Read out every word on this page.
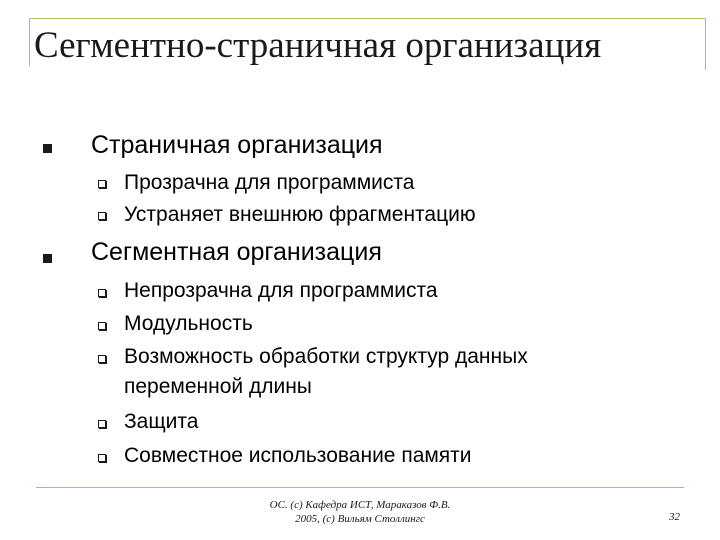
Сегментно-страничная организация
Страничная организация
Прозрачна для программиста
Устраняет внешнюю фрагментацию
Сегментная организация
Непрозрачна для программиста
Модульность
Возможность обработки структур данных
переменной длины
Защита
Совместное использование памяти
ОС. (c) Кафедра ИСТ, Мараказов Ф.В.
2005, (c) Вильям Столлингс	32
